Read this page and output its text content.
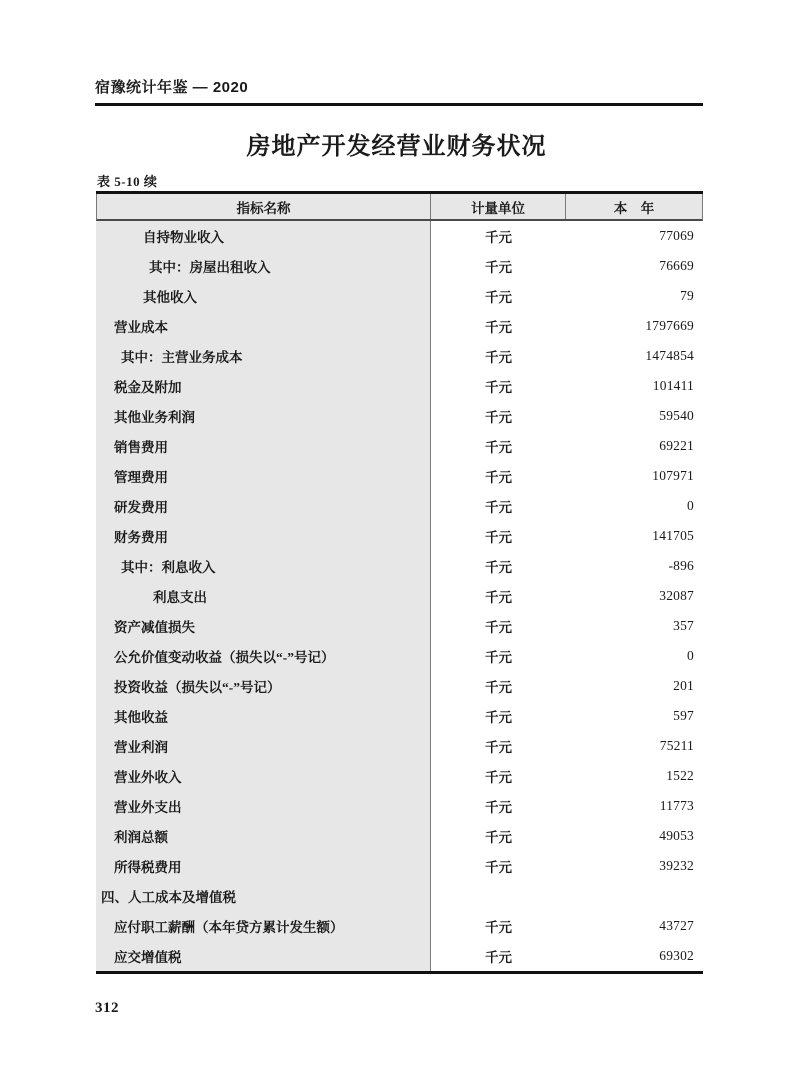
宿豫统计年鉴 — 2020
房地产开发经营业财务状况
表 5-10 续
指标名称	计量单位	本　年
自持物业收入	千元	77069
其中：房屋出租收入	千元	76669
其他收入	千元	79
营业成本	千元	1797669
其中：主营业务成本	千元	1474854
税金及附加	千元	101411
其他业务利润	千元	59540
销售费用	千元	69221
管理费用	千元	107971
研发费用	千元	0
财务费用	千元	141705
其中：利息收入	千元	-896
利息支出	千元	32087
资产减值损失	千元	357
公允价值变动收益（损失以“-”号记）	千元	0
投资收益（损失以“-”号记）	千元	201
其他收益	千元	597
营业利润	千元	75211
营业外收入	千元	1522
营业外支出	千元	11773
利润总额	千元	49053
所得税费用	千元	39232
四、人工成本及增值税
应付职工薪酬（本年贷方累计发生额）	千元	43727
应交增值税	千元	69302
312
